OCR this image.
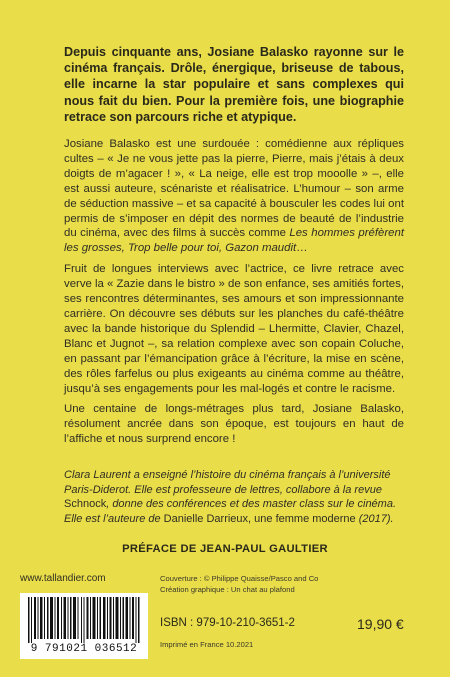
Depuis cinquante ans, Josiane Balasko rayonne sur le cinéma français. Drôle, énergique, briseuse de tabous, elle incarne la star populaire et sans complexes qui nous fait du bien. Pour la première fois, une biographie retrace son parcours riche et atypique.

Josiane Balasko est une surdouée : comédienne aux répliques cultes – « Je ne vous jette pas la pierre, Pierre, mais j’étais à deux doigts de m’agacer ! », « La neige, elle est trop mooolle » –, elle est aussi auteure, scénariste et réalisatrice. L’humour – son arme de séduction massive – et sa capacité à bousculer les codes lui ont permis de s’imposer en dépit des normes de beauté de l’industrie du cinéma, avec des films à succès comme Les hommes préfèrent les grosses, Trop belle pour toi, Gazon maudit…

Fruit de longues interviews avec l’actrice, ce livre retrace avec verve la « Zazie dans le bistro » de son enfance, ses amitiés fortes, ses rencontres déterminantes, ses amours et son impressionnante carrière. On découvre ses débuts sur les planches du café-théâtre avec la bande historique du Splendid – Lhermitte, Clavier, Chazel, Blanc et Jugnot –, sa relation complexe avec son copain Coluche, en passant par l’émancipation grâce à l’écriture, la mise en scène, des rôles farfelus ou plus exigeants au cinéma comme au théâtre, jusqu’à ses engagements pour les mal-logés et contre le racisme.

Une centaine de longs-métrages plus tard, Josiane Balasko, résolument ancrée dans son époque, est toujours en haut de l’affiche et nous surprend encore !

Clara Laurent a enseigné l’histoire du cinéma français à l’université Paris-Diderot. Elle est professeure de lettres, collabore à la revue Schnock, donne des conférences et des master class sur le cinéma. Elle est l’auteure de Danielle Darrieux, une femme moderne (2017).
PRÉFACE DE JEAN-PAUL GAULTIER
www.tallandier.com
9 791021 036512
Couverture : © Philippe Quaisse/Pasco and Co
Création graphique : Un chat au plafond
ISBN : 979-10-210-3651-2
Imprimé en France 10.2021
19,90 €
